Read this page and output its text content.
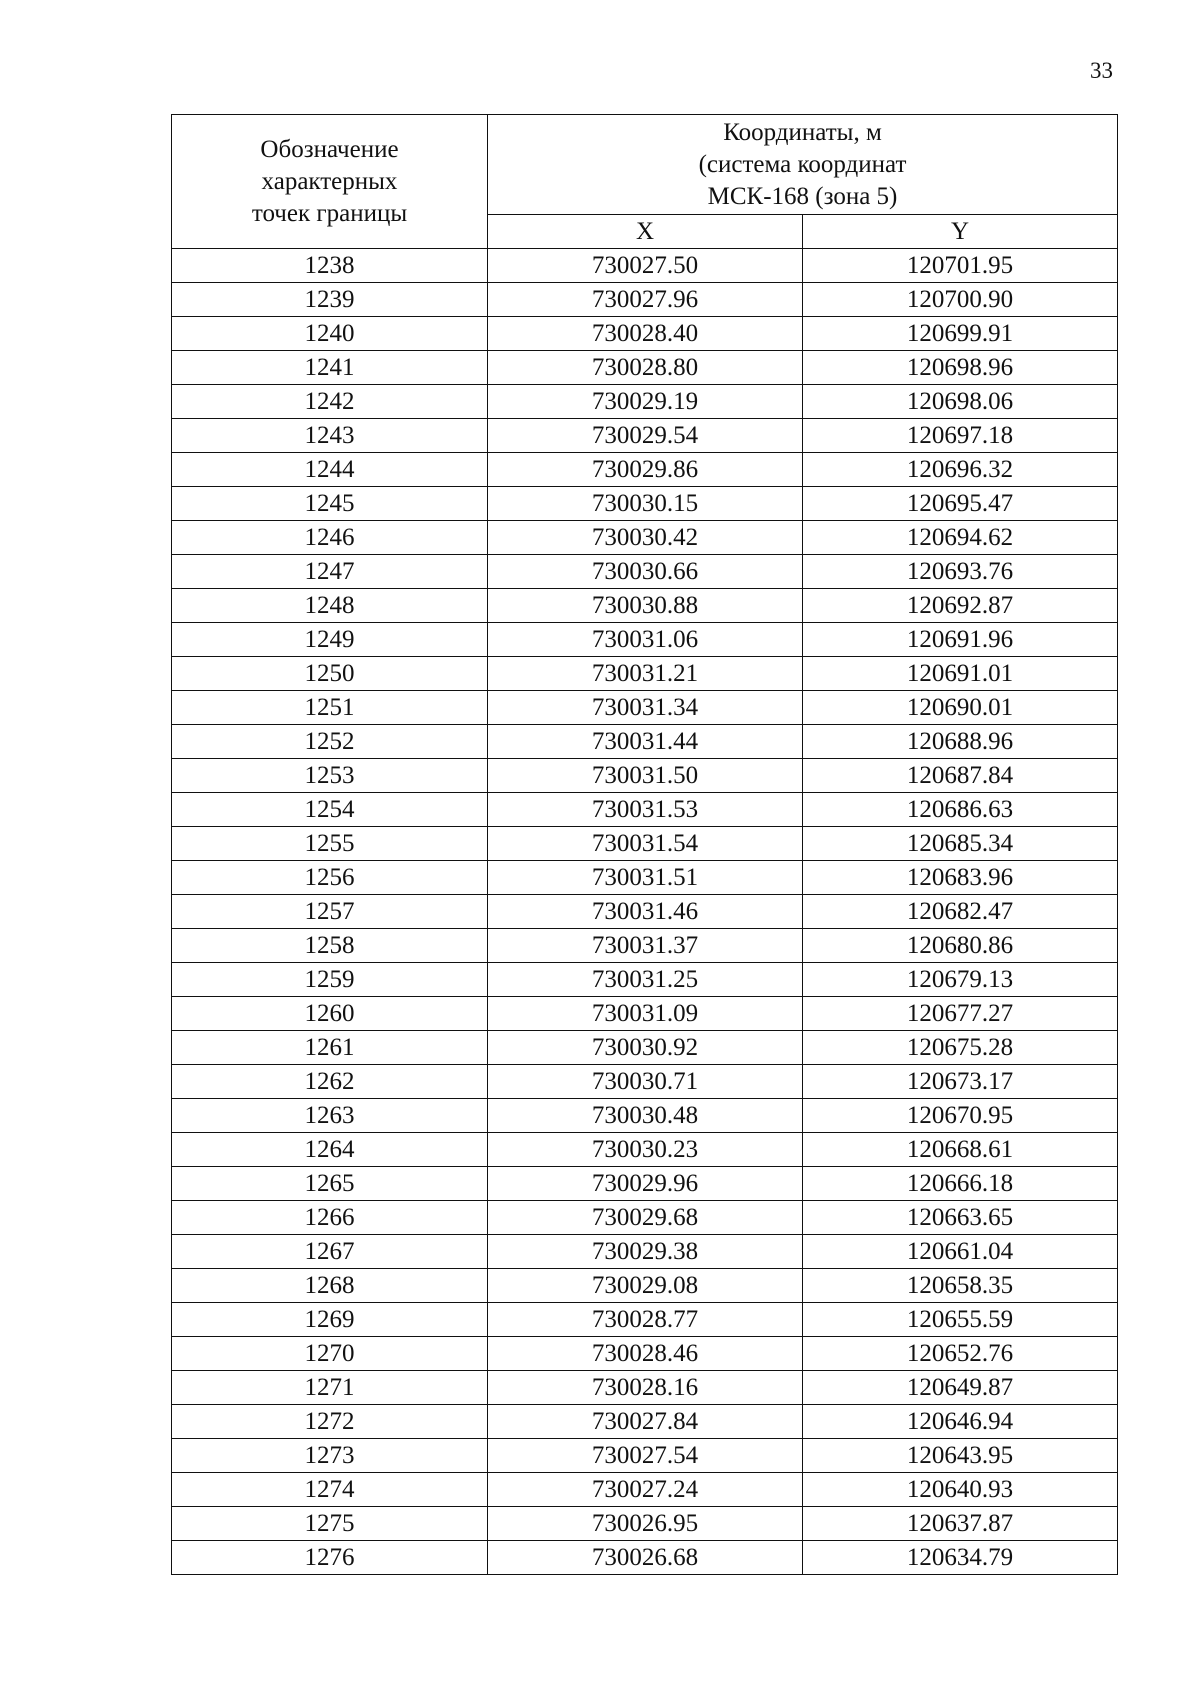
33
Обозначение
характерных
точек границы	Координаты, м
(система координат
МСК-168 (зона 5)	
	X	Y
1238	730027.50	120701.95
1239	730027.96	120700.90
1240	730028.40	120699.91
1241	730028.80	120698.96
1242	730029.19	120698.06
1243	730029.54	120697.18
1244	730029.86	120696.32
1245	730030.15	120695.47
1246	730030.42	120694.62
1247	730030.66	120693.76
1248	730030.88	120692.87
1249	730031.06	120691.96
1250	730031.21	120691.01
1251	730031.34	120690.01
1252	730031.44	120688.96
1253	730031.50	120687.84
1254	730031.53	120686.63
1255	730031.54	120685.34
1256	730031.51	120683.96
1257	730031.46	120682.47
1258	730031.37	120680.86
1259	730031.25	120679.13
1260	730031.09	120677.27
1261	730030.92	120675.28
1262	730030.71	120673.17
1263	730030.48	120670.95
1264	730030.23	120668.61
1265	730029.96	120666.18
1266	730029.68	120663.65
1267	730029.38	120661.04
1268	730029.08	120658.35
1269	730028.77	120655.59
1270	730028.46	120652.76
1271	730028.16	120649.87
1272	730027.84	120646.94
1273	730027.54	120643.95
1274	730027.24	120640.93
1275	730026.95	120637.87
1276	730026.68	120634.79
